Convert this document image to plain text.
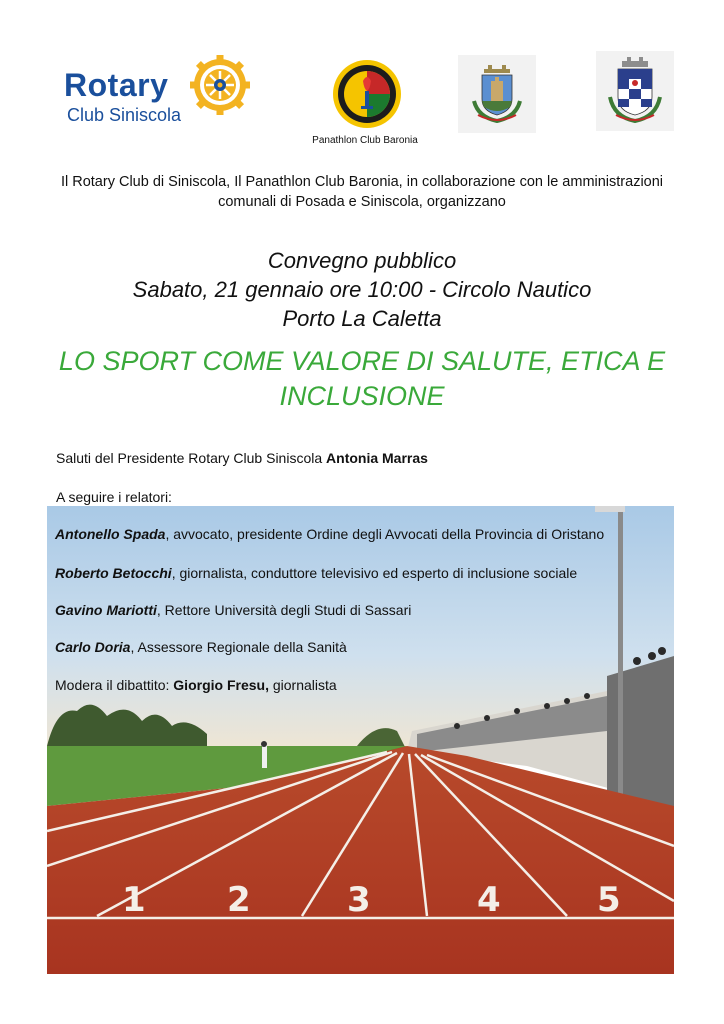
Rotary
Club Siniscola
Panathlon Club Baronia
Il Rotary Club di Siniscola, Il Panathlon Club Baronia, in collaborazione con le amministrazioni
comunali di Posada e Siniscola, organizzano
Convegno pubblico
Sabato, 21 gennaio ore 10:00 - Circolo Nautico
Porto La Caletta
LO SPORT COME VALORE DI SALUTE, ETICA E
INCLUSIONE
Saluti del Presidente Rotary Club Siniscola Antonia Marras
A seguire i relatori:
1 2	3	4	5
Antonello Spada, avvocato, presidente Ordine degli Avvocati della Provincia di Oristano
Roberto Betocchi, giornalista, conduttore televisivo ed esperto di inclusione sociale
Gavino Mariotti, Rettore Università degli Studi di Sassari
Carlo Doria, Assessore Regionale della Sanità
Modera il dibattito: Giorgio Fresu, giornalista
